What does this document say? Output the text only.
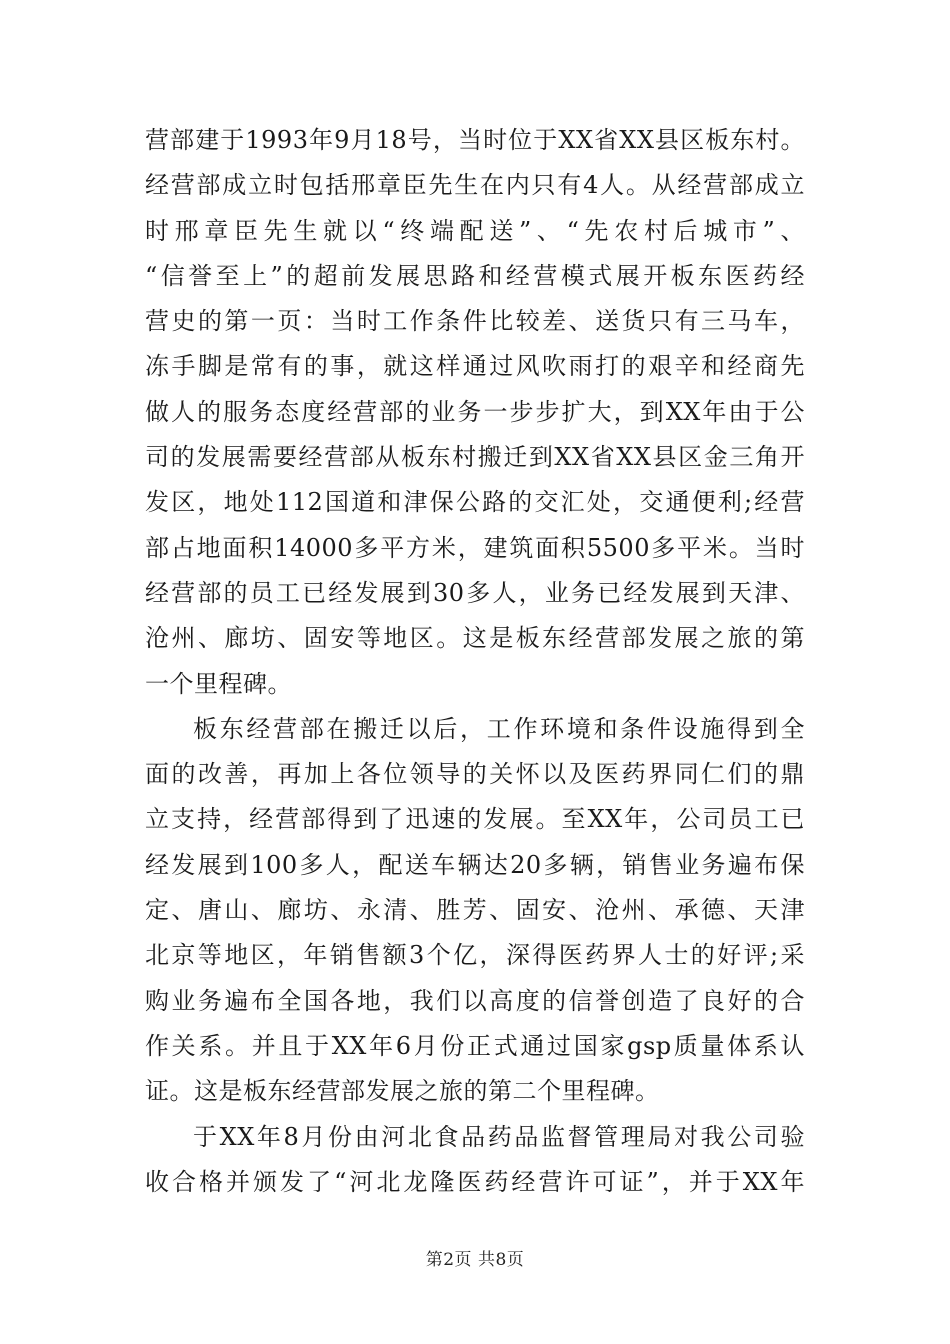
营部建于1993年9月18号，当时位于XX省XX县区板东村。
经营部成立时包括邢章臣先生在内只有4人。从经营部成立
时邢章臣先生就以“终端配送”、“先农村后城市”、
“信誉至上”的超前发展思路和经营模式展开板东医药经
营史的第一页：当时工作条件比较差、送货只有三马车，
冻手脚是常有的事，就这样通过风吹雨打的艰辛和经商先
做人的服务态度经营部的业务一步步扩大，到XX年由于公
司的发展需要经营部从板东村搬迁到XX省XX县区金三角开
发区，地处112国道和津保公路的交汇处，交通便利;经营
部占地面积14000多平方米，建筑面积5500多平米。当时
经营部的员工已经发展到30多人，业务已经发展到天津、
沧州、廊坊、固安等地区。这是板东经营部发展之旅的第
一个里程碑。
板东经营部在搬迁以后，工作环境和条件设施得到全
面的改善，再加上各位领导的关怀以及医药界同仁们的鼎
立支持，经营部得到了迅速的发展。至XX年，公司员工已
经发展到100多人，配送车辆达20多辆，销售业务遍布保
定、唐山、廊坊、永清、胜芳、固安、沧州、承德、天津
北京等地区，年销售额3个亿，深得医药界人士的好评;采
购业务遍布全国各地，我们以高度的信誉创造了良好的合
作关系。并且于XX年6月份正式通过国家gsp质量体系认
证。这是板东经营部发展之旅的第二个里程碑。
于XX年8月份由河北食品药品监督管理局对我公司验
收合格并颁发了“河北龙隆医药经营许可证”，并于XX年
第2页 共8页
